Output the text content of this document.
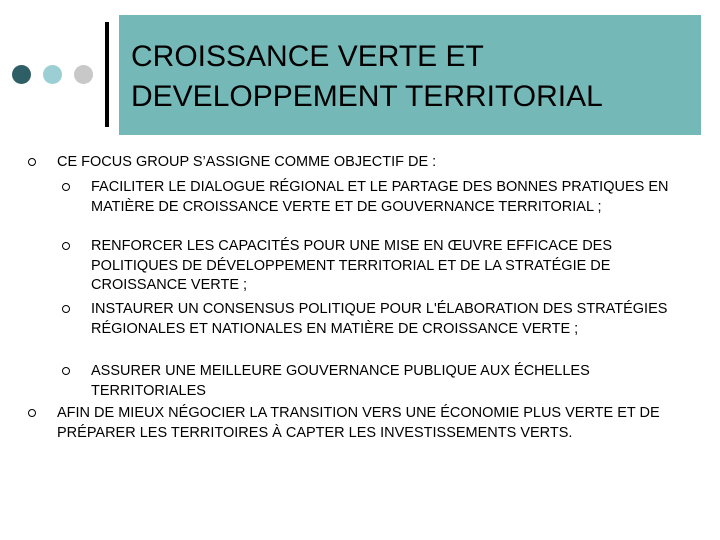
CROISSANCE VERTE ET
DEVELOPPEMENT TERRITORIAL
CE FOCUS GROUP S’ASSIGNE COMME OBJECTIF DE :
FACILITER LE DIALOGUE RÉGIONAL ET LE PARTAGE DES BONNES PRATIQUES EN MATIÈRE DE CROISSANCE VERTE ET DE GOUVERNANCE TERRITORIAL ;
RENFORCER LES CAPACITÉS POUR UNE MISE EN ŒUVRE EFFICACE DES POLITIQUES DE DÉVELOPPEMENT TERRITORIAL ET DE LA STRATÉGIE DE CROISSANCE VERTE ;
INSTAURER UN CONSENSUS POLITIQUE POUR L'ÉLABORATION DES STRATÉGIES RÉGIONALES ET NATIONALES EN MATIÈRE DE CROISSANCE VERTE ;
ASSURER UNE MEILLEURE GOUVERNANCE PUBLIQUE AUX ÉCHELLES TERRITORIALES
AFIN DE MIEUX NÉGOCIER LA TRANSITION VERS UNE ÉCONOMIE PLUS VERTE ET DE PRÉPARER LES TERRITOIRES À CAPTER LES INVESTISSEMENTS VERTS.
